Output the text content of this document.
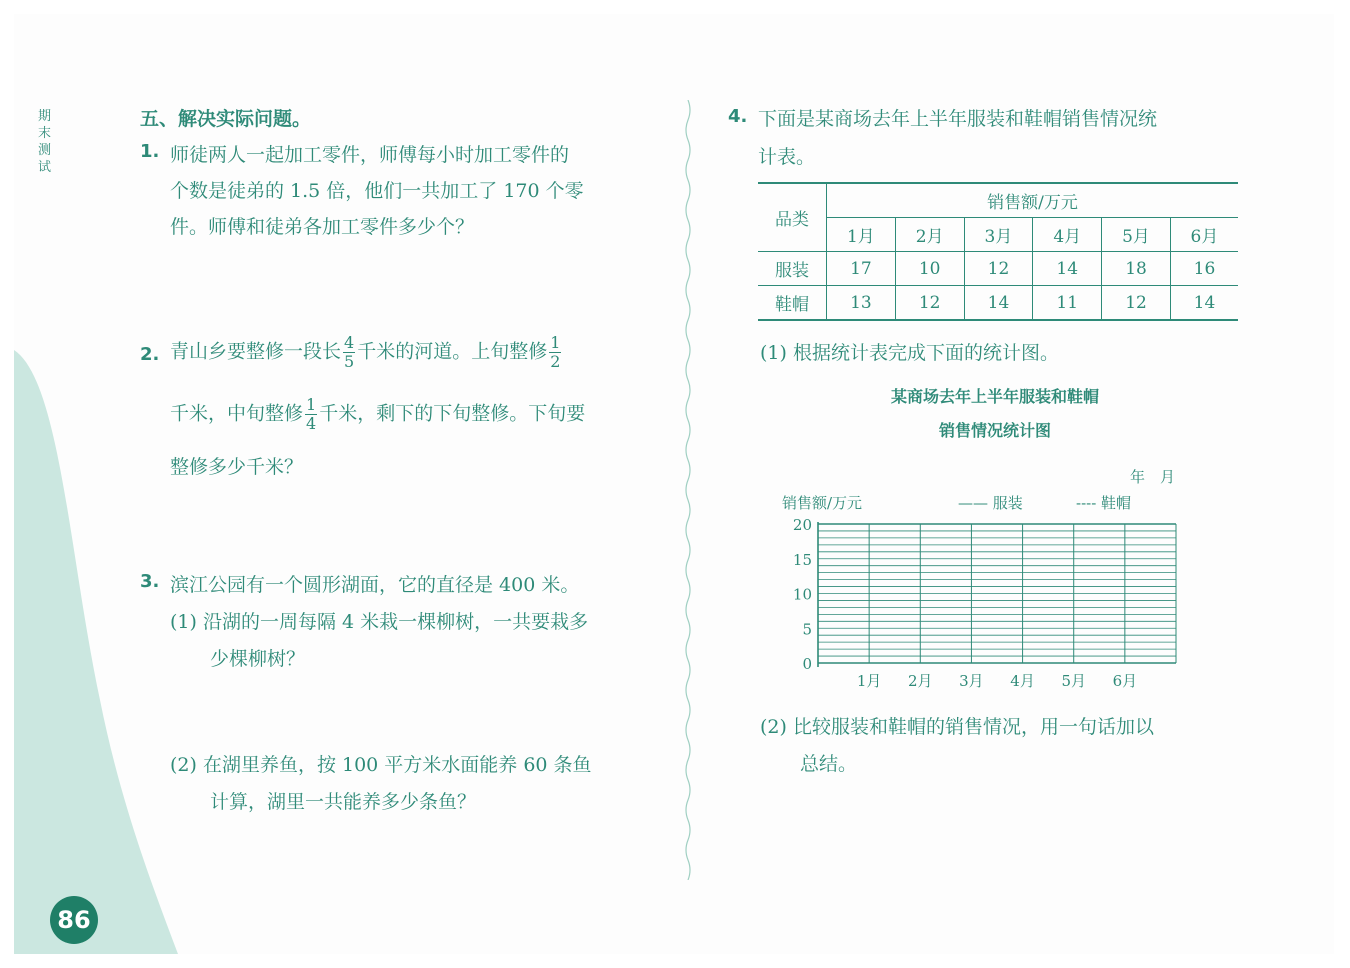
期
末
测
试
86
五、解决实际问题。
1. 师徒两人一起加工零件，师傅每小时加工零件的
个数是徒弟的 1.5 倍，他们一共加工了 170 个零
件。师傅和徒弟各加工零件多少个？
2. 青山乡要整修一段长 $\frac{4}{5}$ 千米的河道。上旬整修 $\frac{1}{2}$
千米，中旬整修 $\frac{1}{4}$ 千米，剩下的下旬整修。下旬要
整修多少千米？
3. 滨江公园有一个圆形湖面，它的直径是 400 米。
(1) 沿湖的一周每隔 4 米栽一棵柳树，一共要栽多
少棵柳树？
(2) 在湖里养鱼，按 100 平方米水面能养 60 条鱼
计算，湖里一共能养多少条鱼？
4. 下面是某商场去年上半年服装和鞋帽销售情况统
计表。
品类	销售额/万元					
	1月	2月	3月	4月	5月	6月
服装	17	10	12	14	18	16
鞋帽	13	12	14	11	12	14
(1) 根据统计表完成下面的统计图。
某商场去年上半年服装和鞋帽
销售情况统计图
20
15
10
5
0
1月 2月 3月 4月 5月 6月
销售额/万元	—— 服装	---- 鞋帽
年　月
(2) 比较服装和鞋帽的销售情况，用一句话加以
总结。
